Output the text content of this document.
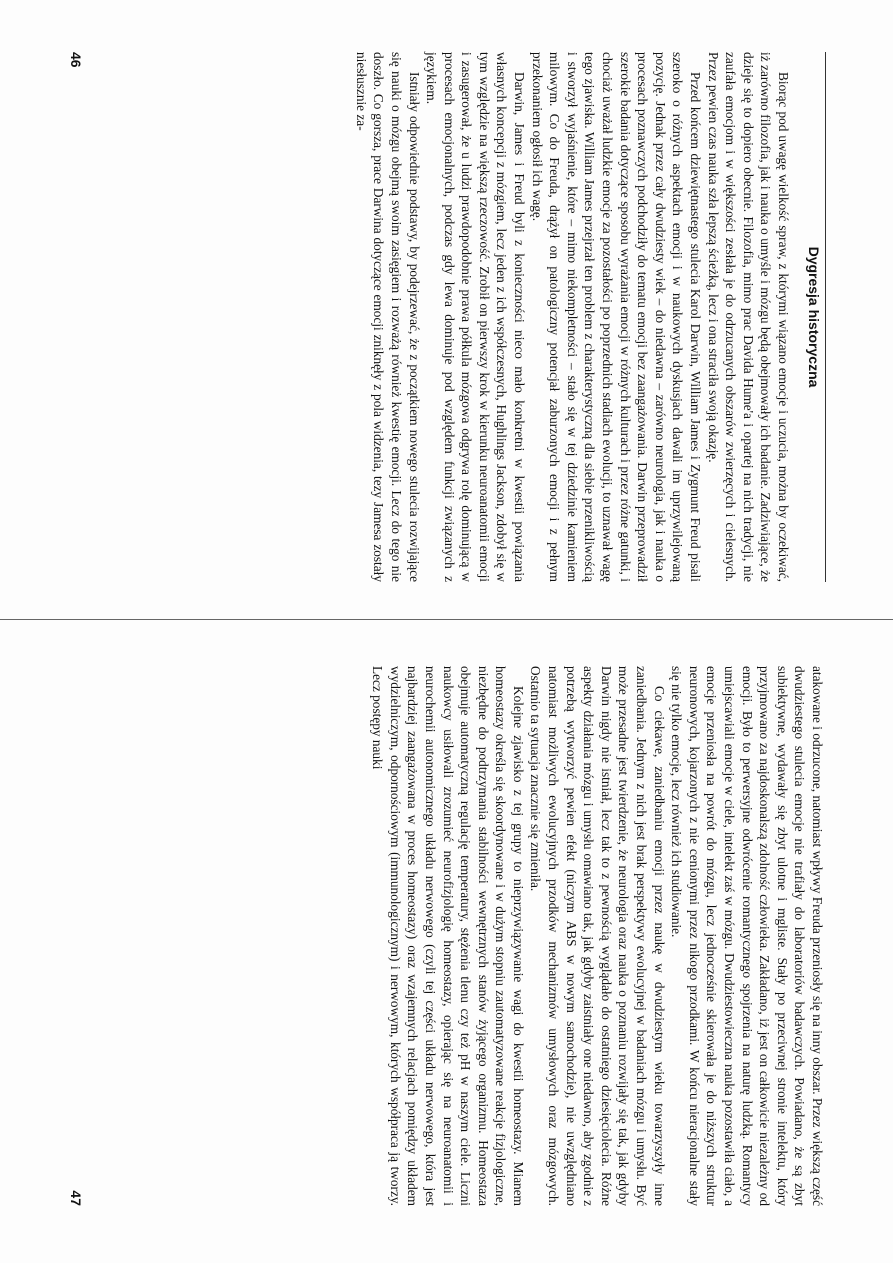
Dygresja historyczna

Biorąc pod uwagę wielkość spraw, z którymi wiązano emocje i uczucia, można by oczekiwać, iż zarówno filozofia, jak i nauka o umyśle i mózgu będą obejmowały ich badanie. Zadziwiające, że dzieje się to dopiero obecnie. Filozofia, mimo prac Davida Hume'a i opartej na nich tradycji, nie zaufała emocjom i w większości zesłała je do odrzucanych obszarów zwierzęcych i cielesnych. Przez pewien czas nauka szła lepszą ścieżką, lecz i ona straciła swoją okazję.

Przed końcem dziewiętnastego stulecia Karol Darwin, William James i Zygmunt Freud pisali szeroko o różnych aspektach emocji i w naukowych dyskusjach dawali im uprzywilejowaną pozycję. Jednak przez cały dwudziesty wiek – do niedawna – zarówno neurologia, jak i nauka o procesach poznawczych podchodziły do tematu emocji bez zaangażowania. Darwin przeprowadził szerokie badania dotyczące sposobu wyrażania emocji w różnych kulturach i przez różne gatunki, i chociaż uważał ludzkie emocje za pozostałości po poprzednich stadiach ewolucji, to uznawał wagę tego zjawiska. William James przejrzał ten problem z charakterystyczną dla siebie przenikliwością i stworzył wyjaśnienie, które – mimo niekompletności – stało się w tej dziedzinie kamieniem milowym. Co do Freuda, drążył on patologiczny potencjał zaburzonych emocji i z pełnym przekonaniem ogłosił ich wagę.

Darwin, James i Freud byli z konieczności nieco mało konkretni w kwestii powiązania własnych koncepcji z mózgiem, lecz jeden z ich współczesnych, Hughlings Jackson, zdobył się w tym względzie na większą rzeczowość. Zrobił on pierwszy krok w kierunku neuroanatomii emocji i zasugerował, że u ludzi prawdopodobnie prawa półkula mózgowa odgrywa rolę dominującą w procesach emocjonalnych, podczas gdy lewa dominuje pod względem funkcji związanych z językiem.

Istniały odpowiednie podstawy, by podejrzewać, że z początkiem nowego stulecia rozwijające się nauki o mózgu obejmą swoim zasięgiem i rozważą również kwestię emocji. Lecz do tego nie doszło. Co gorsza, prace Darwina dotyczące emocji zniknęły z pola widzenia, tezy Jamesa zostały niesłusznie za-

46

atakowane i odrzucone, natomiast wpływy Freuda przeniosły się na inny obszar. Przez większą część dwudziestego stulecia emocje nie trafiały do laboratoriów badawczych. Powiadano, że są zbyt subiektywne, wydawały się zbyt ulotne i mgliste. Stały po przeciwnej stronie intelektu, który przyjmowano za najdoskonalszą zdolność człowieka. Zakładano, iż jest on całkowicie niezależny od emocji. Było to perwersyjne odwrócenie romantycznego spojrzenia na naturę ludzką. Romantycy umiejscawiali emocje w ciele, intelekt zaś w mózgu. Dwudziestowieczna nauka pozostawiła ciało, a emocje przeniosła na powrót do mózgu, lecz jednocześnie skierowała je do niższych struktur neuronowych, kojarzonych z nie cenionymi przez nikogo przodkami. W końcu nieracjonalne stały się nie tylko emocje, lecz również ich studiowanie.

Co ciekawe, zaniedbaniu emocji przez naukę w dwudziestym wieku towarzyszyły inne zaniedbania. Jednym z nich jest brak perspektywy ewolucyjnej w badaniach mózgu i umysłu. Być może przesadne jest twierdzenie, że neurologia oraz nauka o poznaniu rozwijały się tak, jak gdyby Darwin nigdy nie istniał, lecz tak to z pewnością wyglądało do ostatniego dziesięciolecia. Różne aspekty działania mózgu i umysłu omawiano tak, jak gdyby zaistniały one niedawno, aby zgodnie z potrzebą wytworzyć pewien efekt (niczym ABS w nowym samochodzie), nie uwzględniano natomiast możliwych ewolucyjnych przodków mechanizmów umysłowych oraz mózgowych. Ostatnio ta sytuacja znacznie się zmieniła.

Kolejne zjawisko z tej grupy to nieprzywiązywanie wagi do kwestii homeostazy. Mianem homeostazy określa się skoordynowane i w dużym stopniu zautomatyzowane reakcje fizjologiczne, niezbędne do podtrzymania stabilności wewnętrznych stanów żyjącego organizmu. Homeostaza obejmuje automatyczną regulację temperatury, stężenia tlenu czy też pH w naszym ciele. Liczni naukowcy usiłowali zrozumieć neurofizjologię homeostazy, opierając się na neuroanatomii i neurochemii autonomicznego układu nerwowego (czyli tej części układu nerwowego, która jest najbardziej zaangażowana w proces homeostazy) oraz wzajemnych relacjach pomiędzy układem wydzielniczym, odpornościowym (immunologicznym) i nerwowym, których współpraca ją tworzy. Lecz postępy nauki

47
